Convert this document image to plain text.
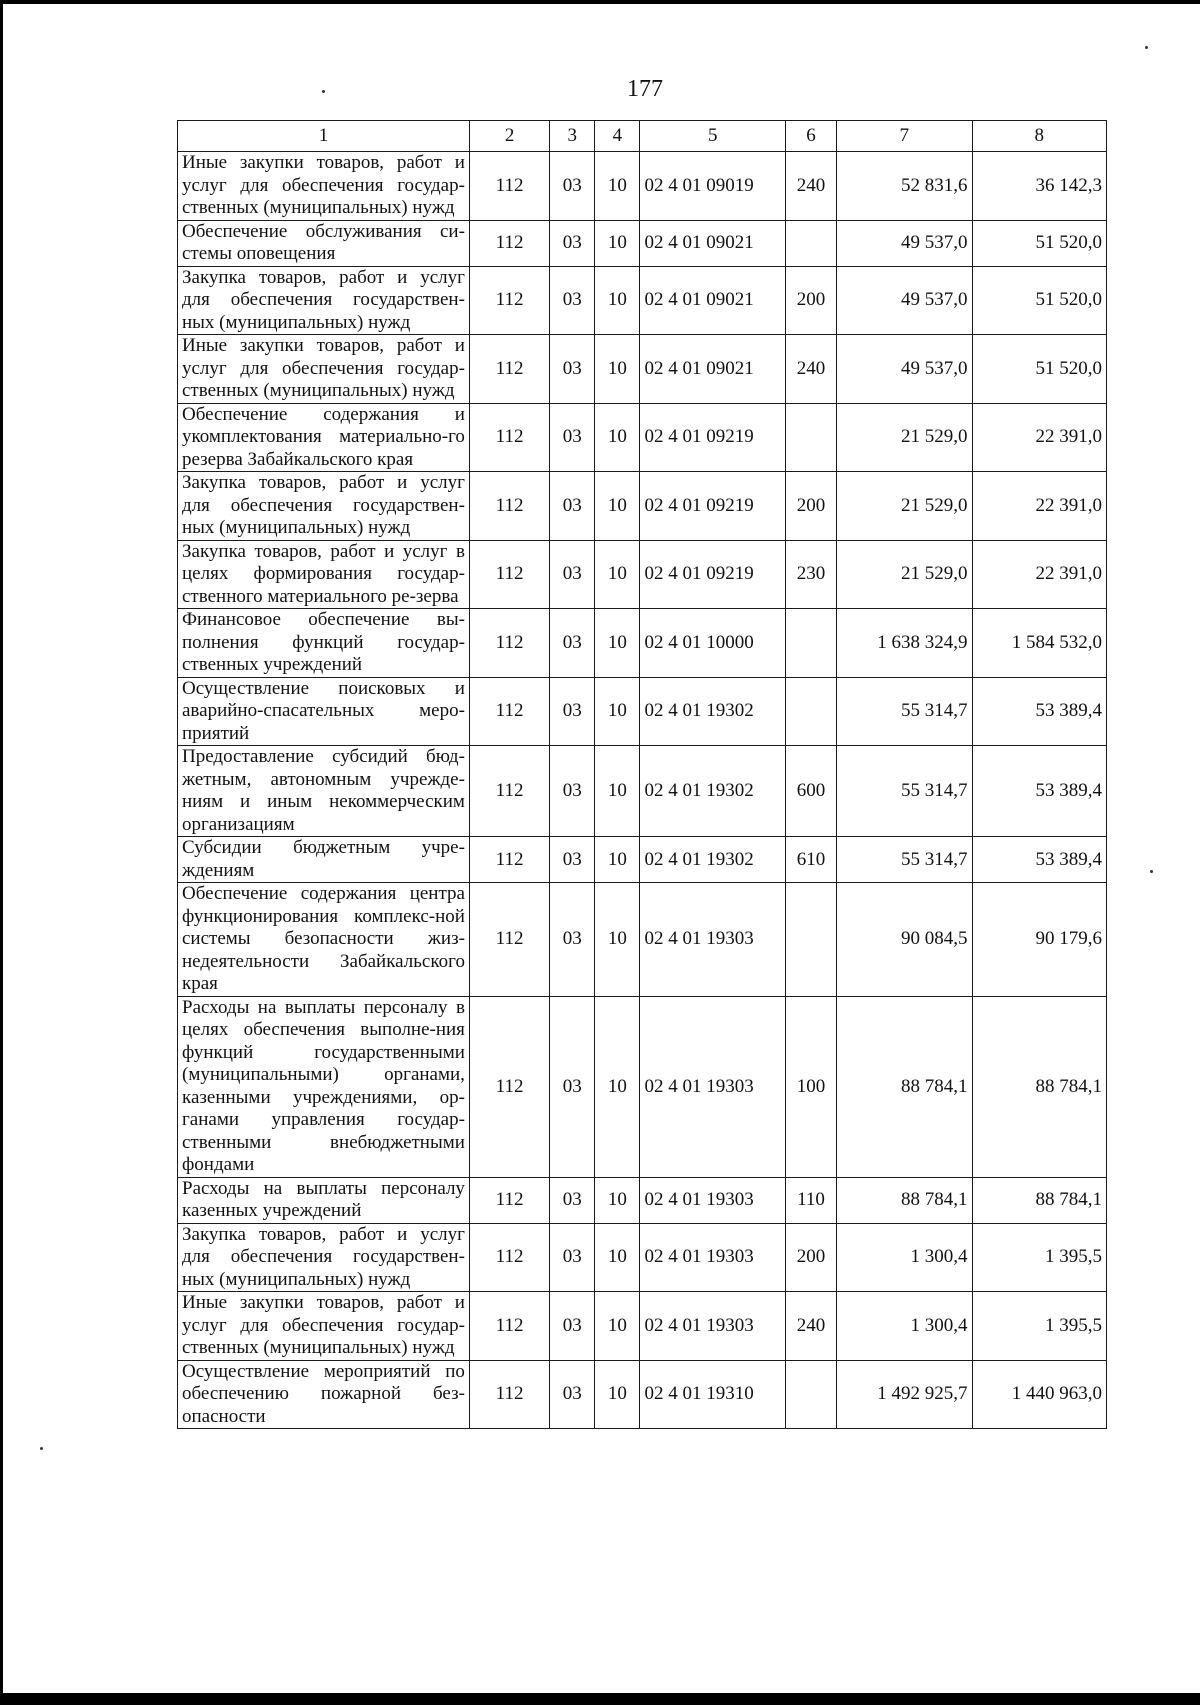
177
1	2	3	4	5	6	7	8
Иные закупки товаров, работ и услуг для обеспечения государ-ственных (муниципальных) нужд	112	03	10	02 4 01 09019	240	52 831,6	36 142,3
Обеспечение обслуживания си-стемы оповещения	112	03	10	02 4 01 09021		49 537,0	51 520,0
Закупка товаров, работ и услуг для обеспечения государствен-ных (муниципальных) нужд	112	03	10	02 4 01 09021	200	49 537,0	51 520,0
Иные закупки товаров, работ и услуг для обеспечения государ-ственных (муниципальных) нужд	112	03	10	02 4 01 09021	240	49 537,0	51 520,0
Обеспечение содержания и укомплектования материально-го резерва Забайкальского края	112	03	10	02 4 01 09219		21 529,0	22 391,0
Закупка товаров, работ и услуг для обеспечения государствен-ных (муниципальных) нужд	112	03	10	02 4 01 09219	200	21 529,0	22 391,0
Закупка товаров, работ и услуг в целях формирования государ-ственного материального ре-зерва	112	03	10	02 4 01 09219	230	21 529,0	22 391,0
Финансовое обеспечение вы-полнения функций государ-ственных учреждений	112	03	10	02 4 01 10000		1 638 324,9	1 584 532,0
Осуществление поисковых и аварийно-спасательных меро-приятий	112	03	10	02 4 01 19302		55 314,7	53 389,4
Предоставление субсидий бюд-жетным, автономным учрежде-ниям и иным некоммерческим организациям	112	03	10	02 4 01 19302	600	55 314,7	53 389,4
Субсидии бюджетным учре-ждениям	112	03	10	02 4 01 19302	610	55 314,7	53 389,4
Обеспечение содержания центра функционирования комплекс-ной системы безопасности жиз-недеятельности Забайкальского края	112	03	10	02 4 01 19303		90 084,5	90 179,6
Расходы на выплаты персоналу в целях обеспечения выполне-ния функций государственными (муниципальными) органами, казенными учреждениями, ор-ганами управления государ-ственными внебюджетными фондами	112	03	10	02 4 01 19303	100	88 784,1	88 784,1
Расходы на выплаты персоналу казенных учреждений	112	03	10	02 4 01 19303	110	88 784,1	88 784,1
Закупка товаров, работ и услуг для обеспечения государствен-ных (муниципальных) нужд	112	03	10	02 4 01 19303	200	1 300,4	1 395,5
Иные закупки товаров, работ и услуг для обеспечения государ-ственных (муниципальных) нужд	112	03	10	02 4 01 19303	240	1 300,4	1 395,5
Осуществление мероприятий по обеспечению пожарной без-опасности	112	03	10	02 4 01 19310		1 492 925,7	1 440 963,0
